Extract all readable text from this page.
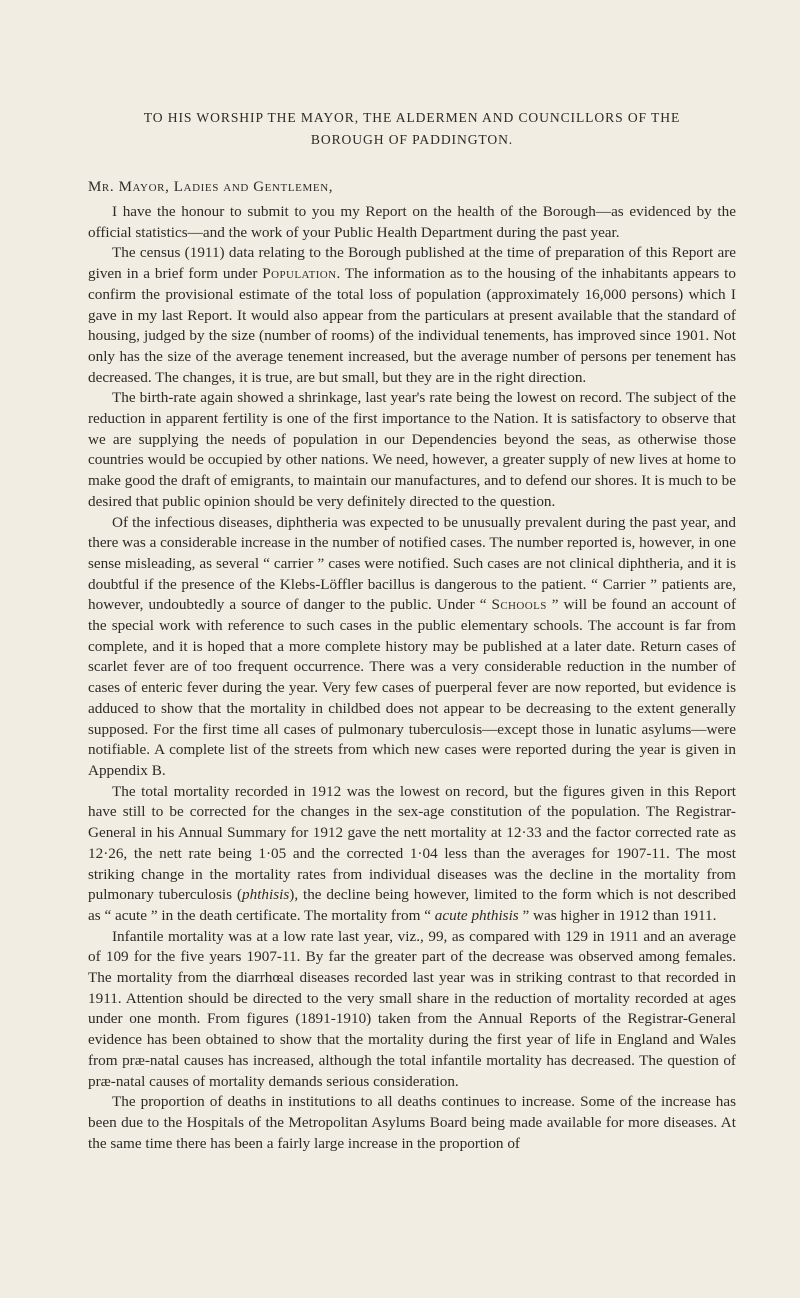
TO HIS WORSHIP THE MAYOR, THE ALDERMEN AND COUNCILLORS OF THE
BOROUGH OF PADDINGTON.
Mr. Mayor, Ladies and Gentlemen,

I have the honour to submit to you my Report on the health of the Borough—as evidenced by the official statistics—and the work of your Public Health Department during the past year.

The census (1911) data relating to the Borough published at the time of preparation of this Report are given in a brief form under Population. The information as to the housing of the inhabitants appears to confirm the provisional estimate of the total loss of population (approximately 16,000 persons) which I gave in my last Report. It would also appear from the particulars at present available that the standard of housing, judged by the size (number of rooms) of the individual tenements, has improved since 1901. Not only has the size of the average tenement increased, but the average number of persons per tenement has decreased. The changes, it is true, are but small, but they are in the right direction.

The birth-rate again showed a shrinkage, last year's rate being the lowest on record. The subject of the reduction in apparent fertility is one of the first importance to the Nation. It is satisfactory to observe that we are supplying the needs of population in our Dependencies beyond the seas, as otherwise those countries would be occupied by other nations. We need, however, a greater supply of new lives at home to make good the draft of emigrants, to maintain our manufactures, and to defend our shores. It is much to be desired that public opinion should be very definitely directed to the question.

Of the infectious diseases, diphtheria was expected to be unusually prevalent during the past year, and there was a considerable increase in the number of notified cases. The number reported is, however, in one sense misleading, as several “ carrier ” cases were notified. Such cases are not clinical diphtheria, and it is doubtful if the presence of the Klebs-Löffler bacillus is dangerous to the patient. “ Carrier ” patients are, however, undoubtedly a source of danger to the public. Under “ Schools ” will be found an account of the special work with reference to such cases in the public elementary schools. The account is far from complete, and it is hoped that a more complete history may be published at a later date. Return cases of scarlet fever are of too frequent occurrence. There was a very considerable reduction in the number of cases of enteric fever during the year. Very few cases of puerperal fever are now reported, but evidence is adduced to show that the mortality in childbed does not appear to be decreasing to the extent generally supposed. For the first time all cases of pulmonary tuberculosis—except those in lunatic asylums—were notifiable. A complete list of the streets from which new cases were reported during the year is given in Appendix B.

The total mortality recorded in 1912 was the lowest on record, but the figures given in this Report have still to be corrected for the changes in the sex-age constitution of the population. The Registrar-General in his Annual Summary for 1912 gave the nett mortality at 12·33 and the factor corrected rate as 12·26, the nett rate being 1·05 and the corrected 1·04 less than the averages for 1907-11. The most striking change in the mortality rates from individual diseases was the decline in the mortality from pulmonary tuberculosis (phthisis), the decline being however, limited to the form which is not described as “ acute ” in the death certificate. The mortality from “ acute phthisis ” was higher in 1912 than 1911.

Infantile mortality was at a low rate last year, viz., 99, as compared with 129 in 1911 and an average of 109 for the five years 1907-11. By far the greater part of the decrease was observed among females. The mortality from the diarrhœal diseases recorded last year was in striking contrast to that recorded in 1911. Attention should be directed to the very small share in the reduction of mortality recorded at ages under one month. From figures (1891-1910) taken from the Annual Reports of the Registrar-General evidence has been obtained to show that the mortality during the first year of life in England and Wales from præ-natal causes has increased, although the total infantile mortality has decreased. The question of præ-natal causes of mortality demands serious consideration.

The proportion of deaths in institutions to all deaths continues to increase. Some of the increase has been due to the Hospitals of the Metropolitan Asylums Board being made available for more diseases. At the same time there has been a fairly large increase in the proportion of
